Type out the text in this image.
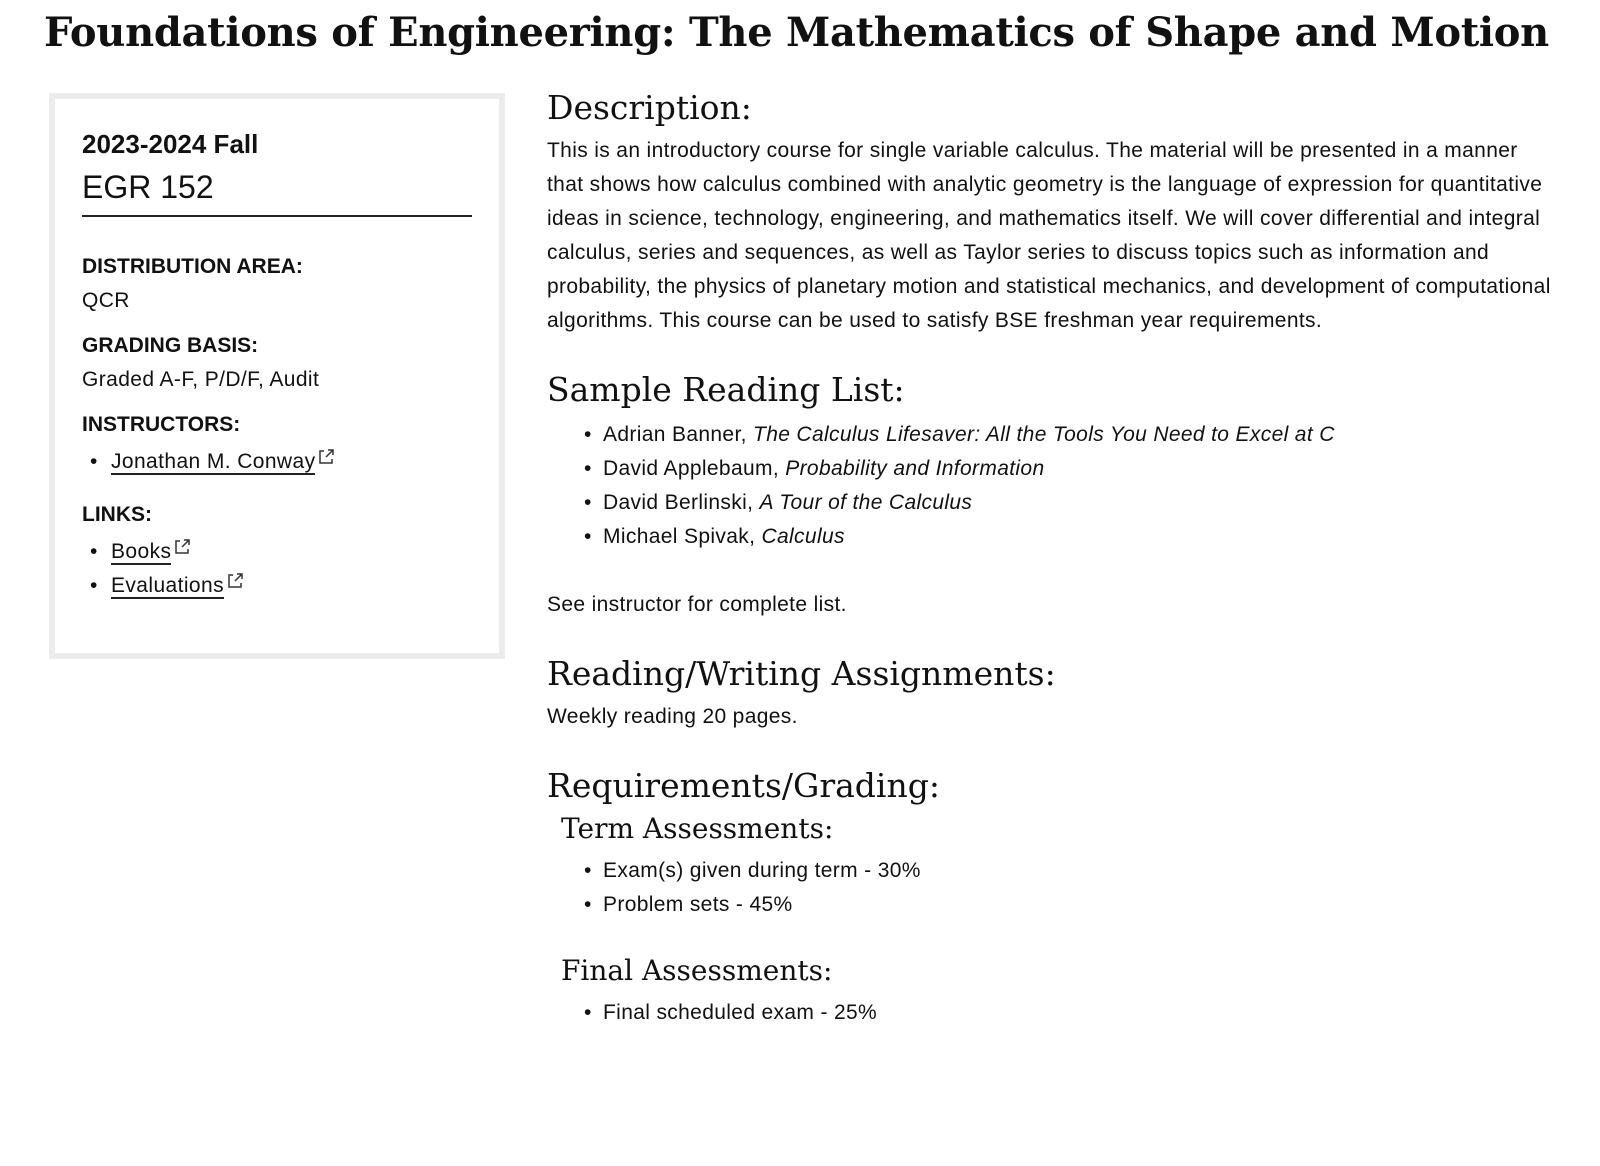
Foundations of Engineering: The Mathematics of Shape and Motion

2023-2024 Fall

EGR 152

DISTRIBUTION AREA:

QCR

GRADING BASIS:

Graded A-F, P/D/F, Audit

INSTRUCTORS:

• Jonathan M. Conway

LINKS:

• Books
• Evaluations
Description:

This is an introductory course for single variable calculus. The material will be presented in a manner that shows how calculus combined with analytic geometry is the language of expression for quantitative ideas in science, technology, engineering, and mathematics itself. We will cover differential and integral calculus, series and sequences, as well as Taylor series to discuss topics such as information and probability, the physics of planetary motion and statistical mechanics, and development of computational algorithms. This course can be used to satisfy BSE freshman year requirements.

Sample Reading List:
• Adrian Banner, The Calculus Lifesaver: All the Tools You Need to Excel at C
• David Applebaum, Probability and Information
• David Berlinski, A Tour of the Calculus
• Michael Spivak, Calculus

See instructor for complete list.

Reading/Writing Assignments:

Weekly reading 20 pages.

Requirements/Grading:
Term Assessments:
• Exam(s) given during term - 30%
• Problem sets - 45%
Final Assessments:
• Final scheduled exam - 25%
